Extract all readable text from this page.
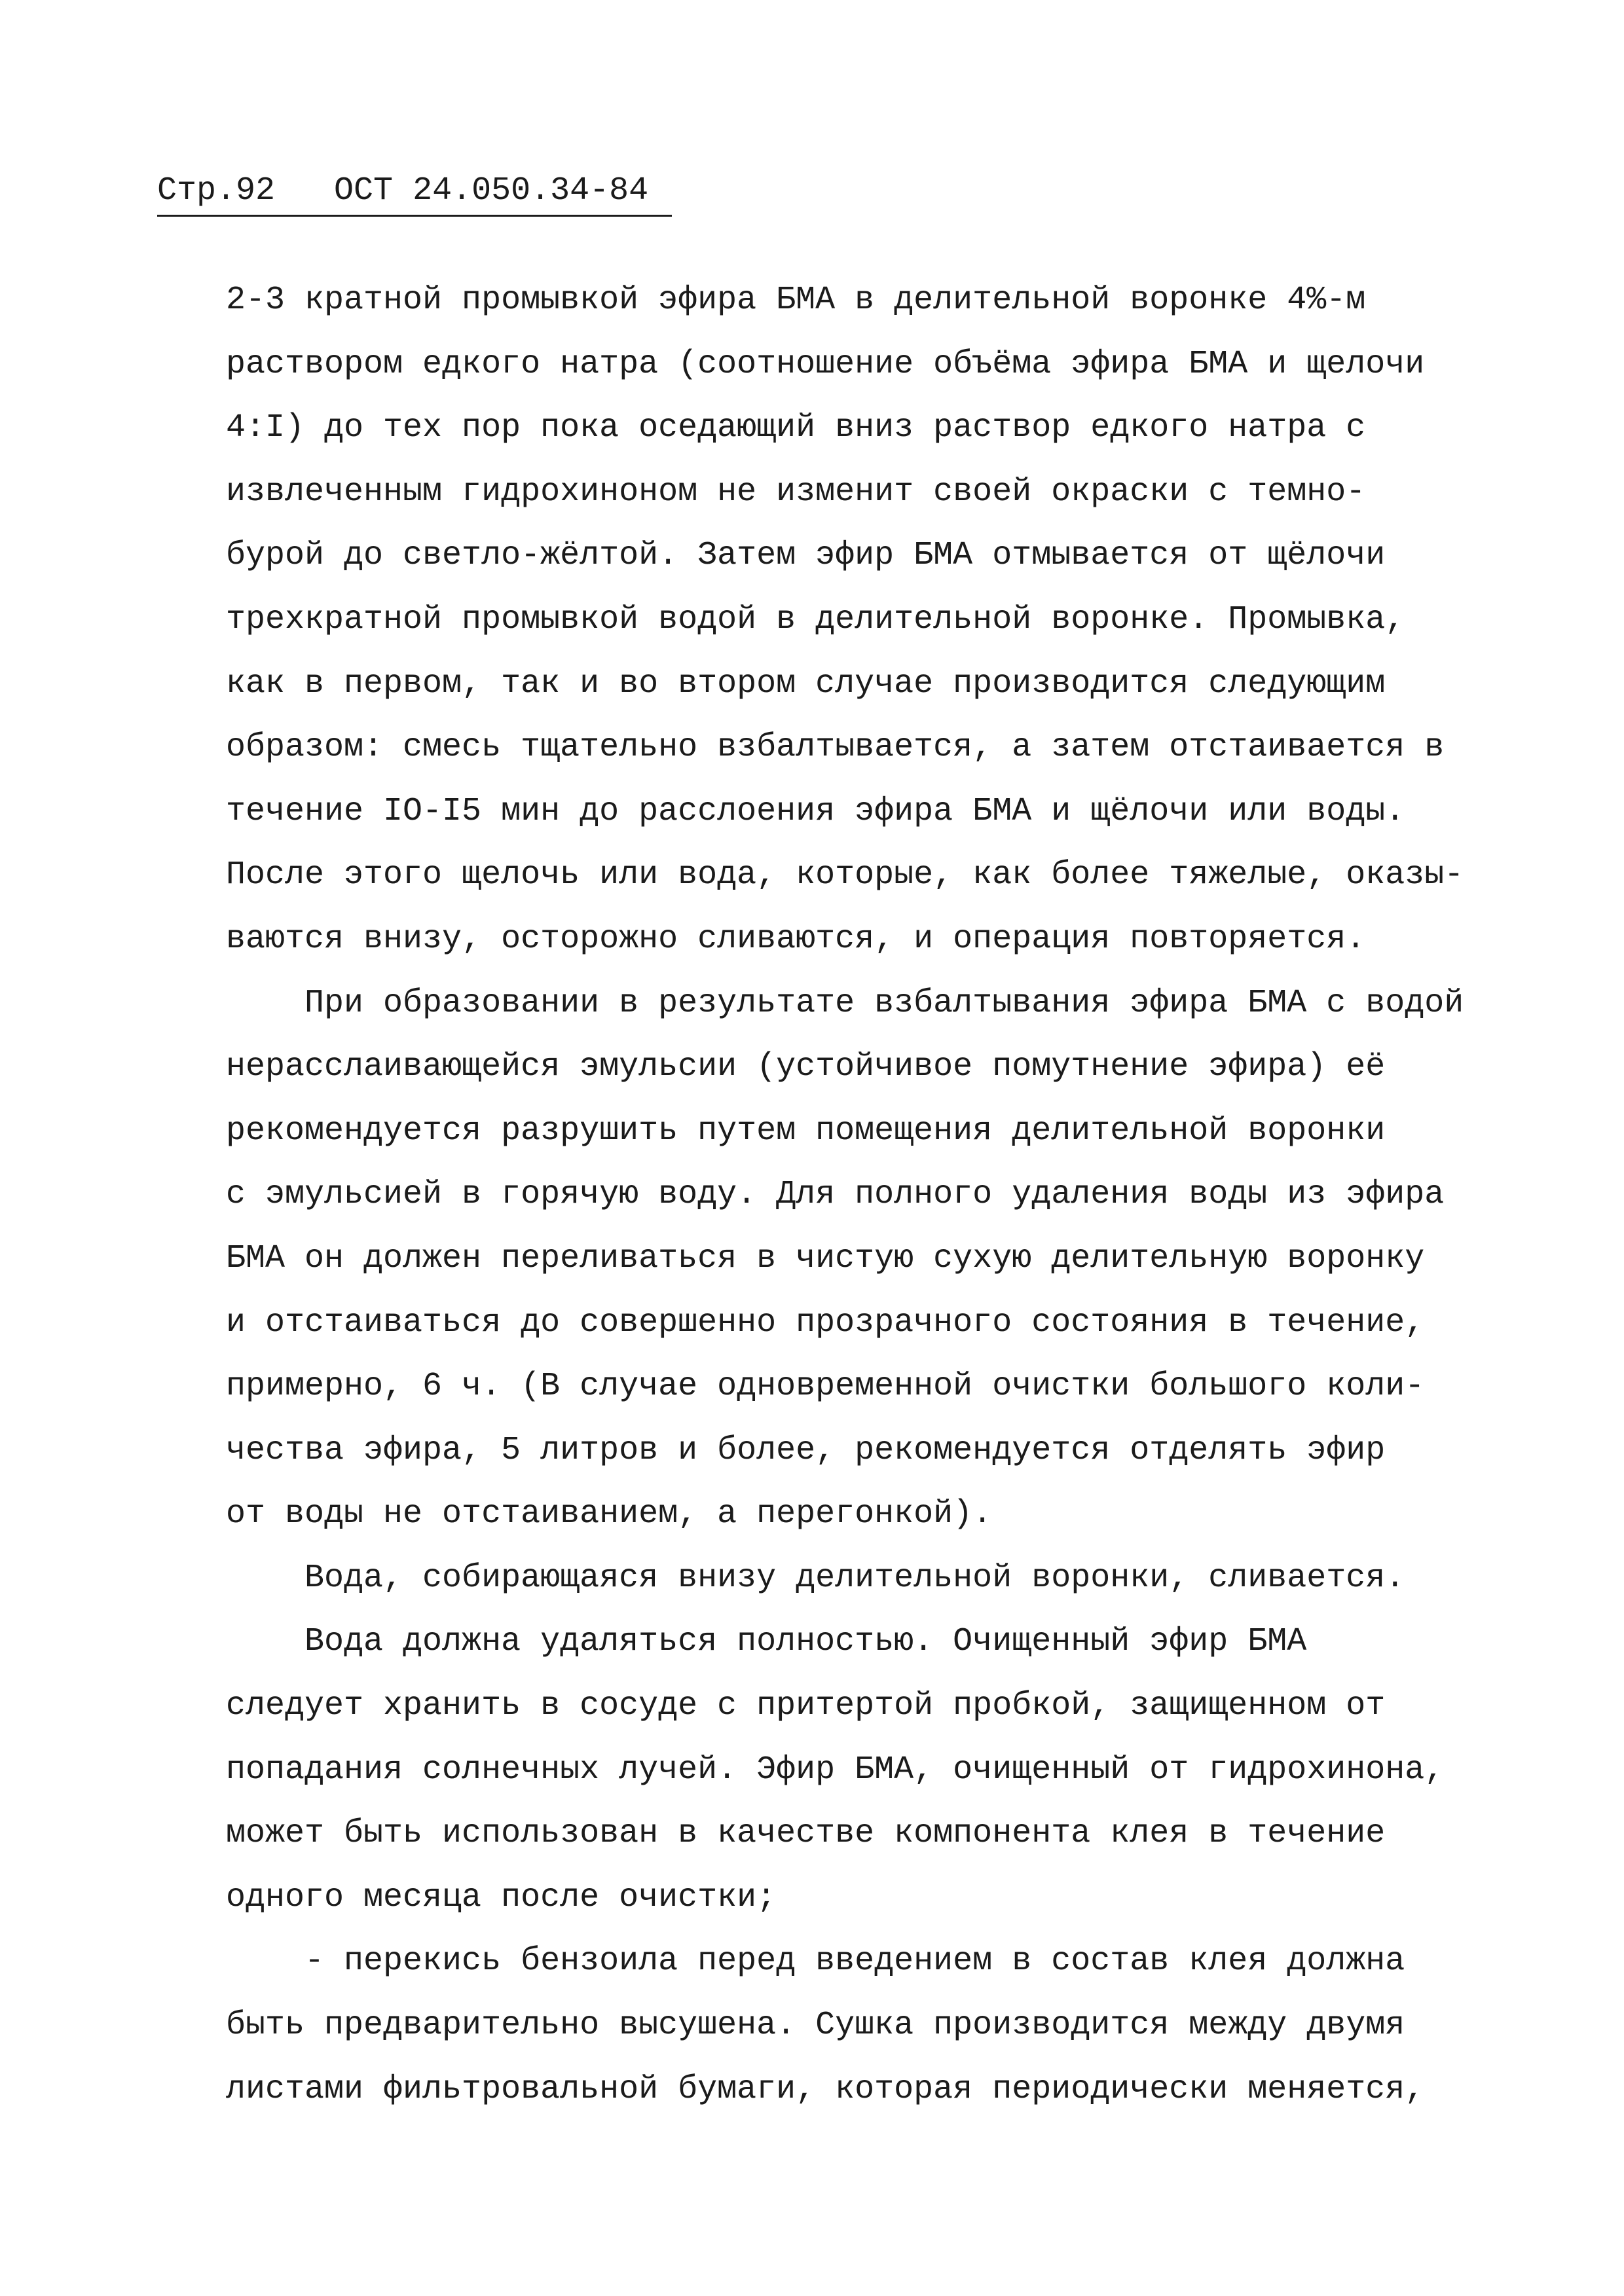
Стр.92 ОСТ 24.050.34-84
2-3 кратной промывкой эфира БМА в делительной воронке 4%-м
раствором едкого натра (соотношение объёма эфира БМА и щелочи
4:I) до тех пор пока оседающий вниз раствор едкого натра с
извлеченным гидрохиноном не изменит своей окраски с темно-
бурой до светло-жёлтой. Затем эфир БМА отмывается от щёлочи
трехкратной промывкой водой в делительной воронке. Промывка,
как в первом, так и во втором случае производится следующим
образом: смесь тщательно взбалтывается, а затем отстаивается в
течение IO-I5 мин до расслоения эфира БМА и щёлочи или воды.
После этого щелочь или вода, которые, как более тяжелые, оказы-
ваются внизу, осторожно сливаются, и операция повторяется.
При образовании в результате взбалтывания эфира БМА с водой
нерасслаивающейся эмульсии (устойчивое помутнение эфира) её
рекомендуется разрушить путем помещения делительной воронки
с эмульсией в горячую воду. Для полного удаления воды из эфира
БМА он должен переливаться в чистую сухую делительную воронку
и отстаиваться до совершенно прозрачного состояния в течение,
примерно, 6 ч. (В случае одновременной очистки большого коли-
чества эфира, 5 литров и более, рекомендуется отделять эфир
от воды не отстаиванием, а перегонкой).
Вода, собирающаяся внизу делительной воронки, сливается.
Вода должна удаляться полностью. Очищенный эфир БМА
следует хранить в сосуде с притертой пробкой, защищенном от
попадания солнечных лучей. Эфир БМА, очищенный от гидрохинона,
может быть использован в качестве компонента клея в течение
одного месяца после очистки;
- перекись бензоила перед введением в состав клея должна
быть предварительно высушена. Сушка производится между двумя
листами фильтровальной бумаги, которая периодически меняется,
